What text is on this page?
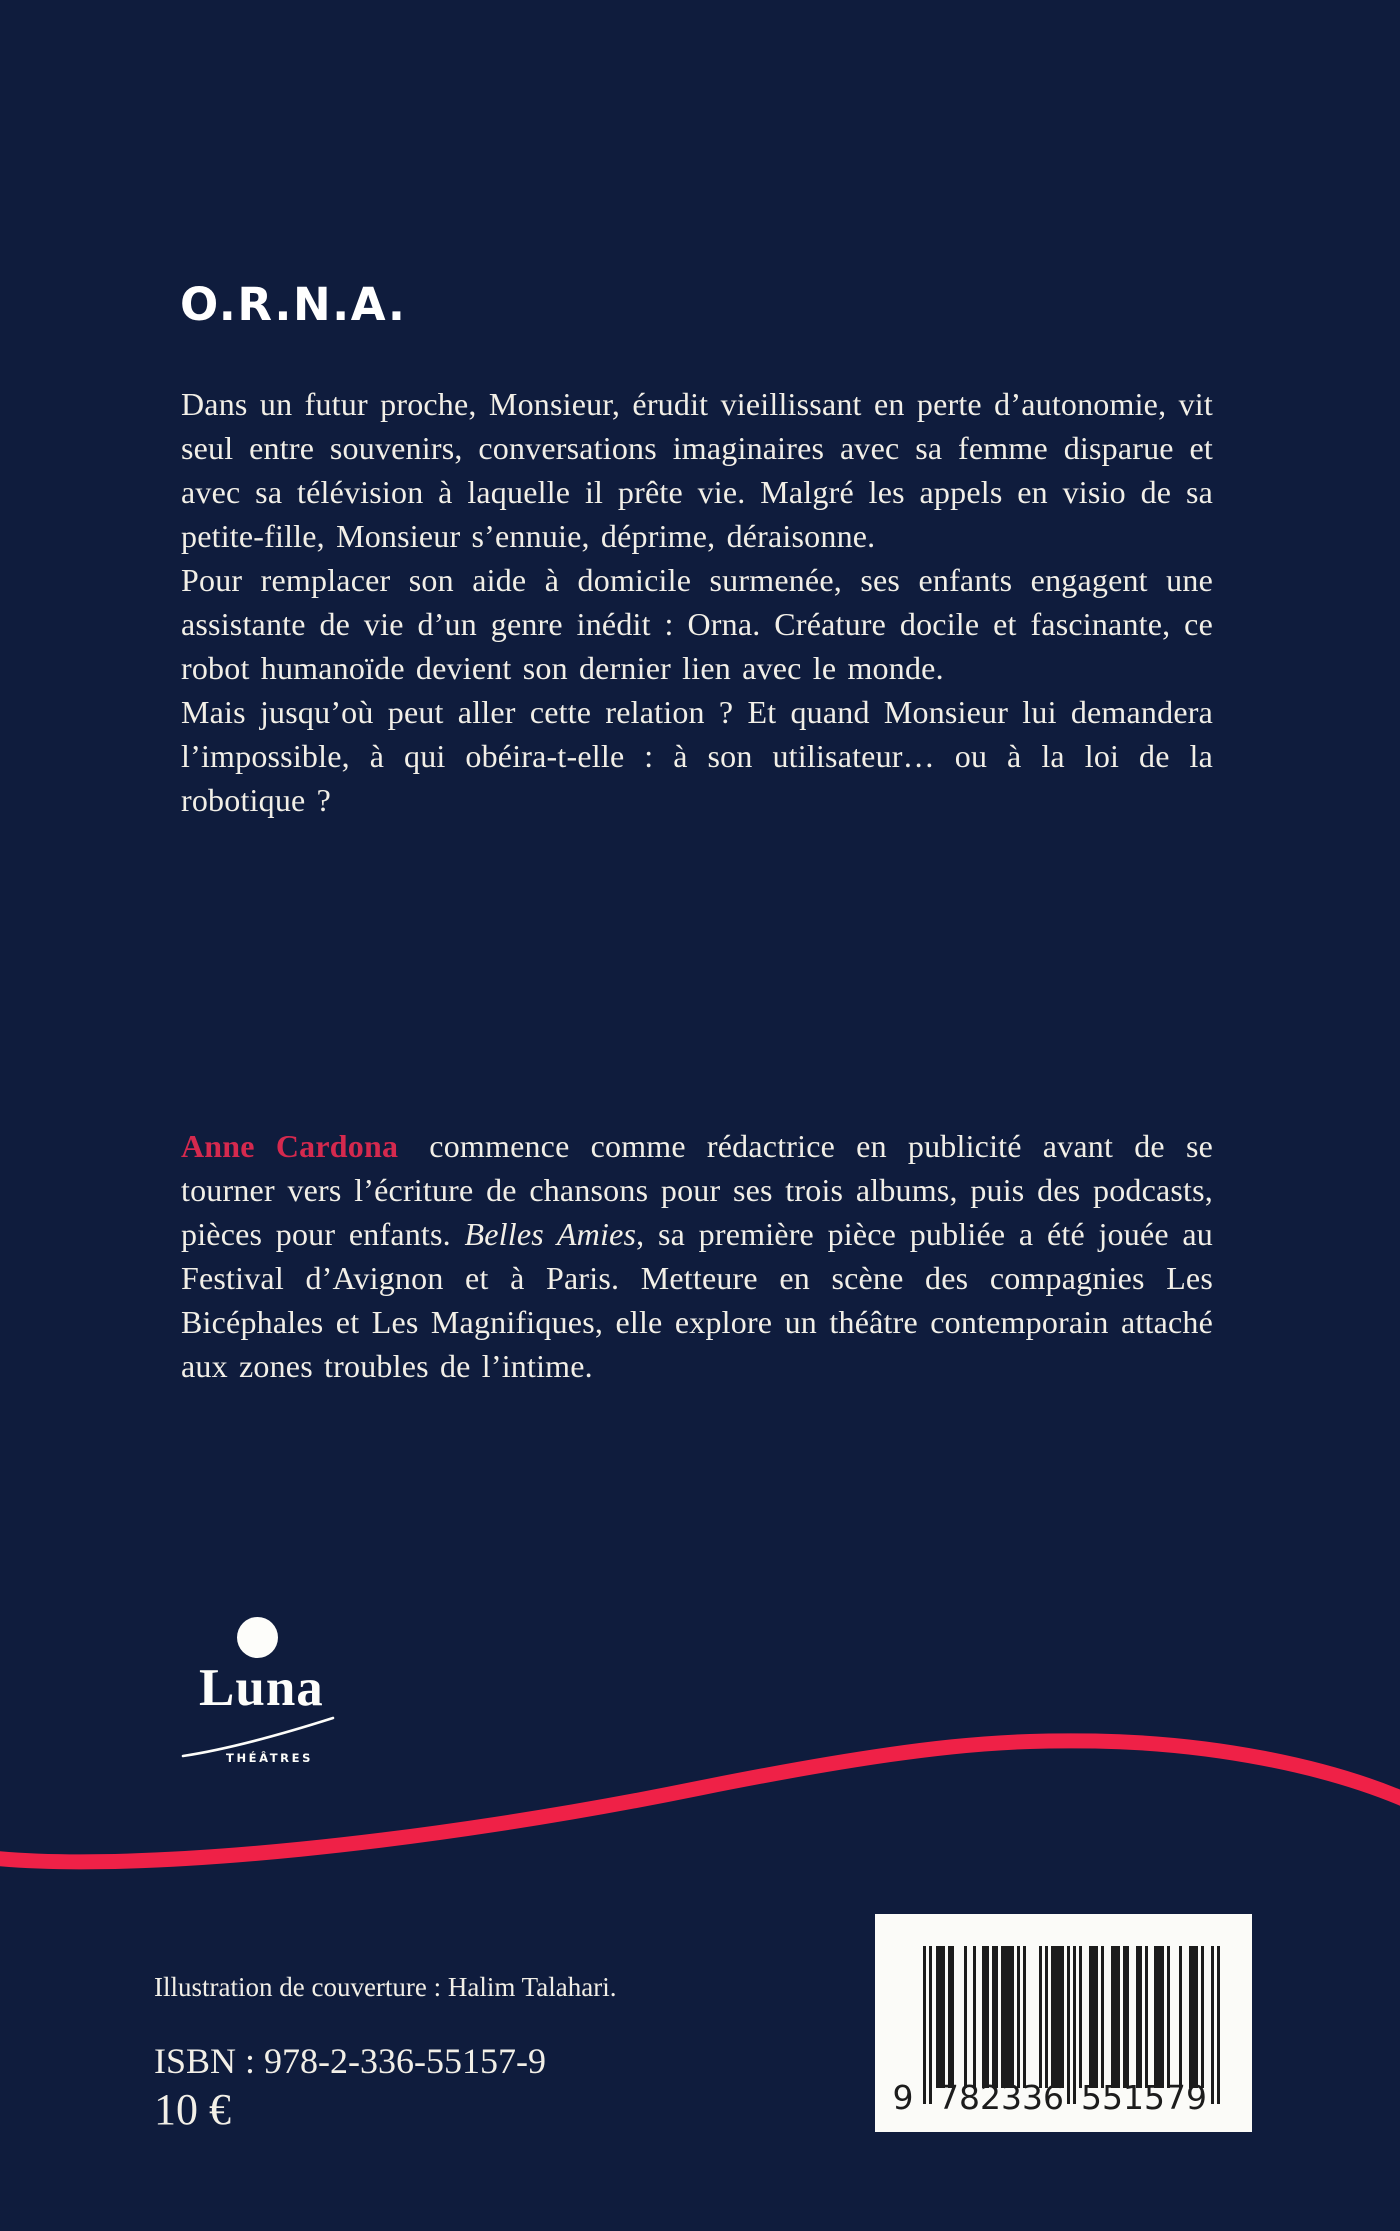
O.R.N.A.

Dans un futur proche, Monsieur, érudit vieillissant en perte d’autonomie, vit seul entre souvenirs, conversations imaginaires avec sa femme disparue et avec sa télévision à laquelle il prête vie. Malgré les appels en visio de sa petite-fille, Monsieur s’ennuie, déprime, déraisonne.

Pour remplacer son aide à domicile surmenée, ses enfants engagent une assistante de vie d’un genre inédit : Orna. Créature docile et fascinante, ce robot humanoïde devient son dernier lien avec le monde.

Mais jusqu’où peut aller cette relation ? Et quand Monsieur lui demandera l’impossible, à qui obéira-t-elle : à son utilisateur… ou à la loi de la robotique ?

Anne Cardona commence comme rédactrice en publicité avant de se tourner vers l’écriture de chansons pour ses trois albums, puis des podcasts, pièces pour enfants. Belles Amies, sa première pièce publiée a été jouée au Festival d’Avignon et à Paris. Metteure en scène des compagnies Les Bicéphales et Les Magnifiques, elle explore un théâtre contemporain attaché aux zones troubles de l’intime.

Luna

THÉÂTRES
Illustration de couverture : Halim Talahari.
ISBN : 978-2-336-55157-9
10 €	9 782336 551579
